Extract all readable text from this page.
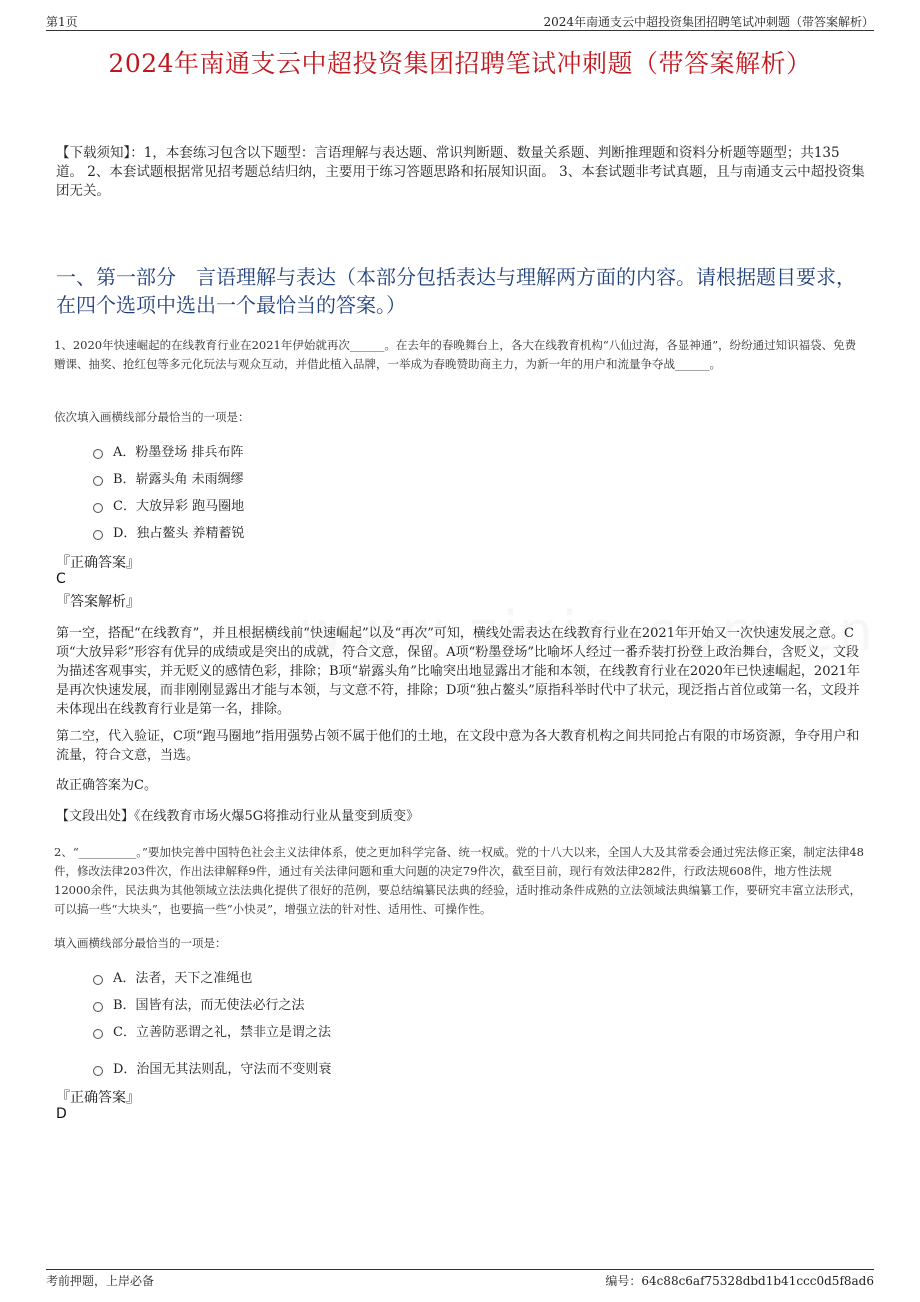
第1页	2024年南通支云中超投资集团招聘笔试冲刺题（带答案解析）
2024年南通支云中超投资集团招聘笔试冲刺题（带答案解析）
【下载须知】：1，本套练习包含以下题型：言语理解与表达题、常识判断题、数量关系题、判断推理题和资料分析题等题型；共135道。 2、本套试题根据常见招考题总结归纳，主要用于练习答题思路和拓展知识面。 3、本套试题非考试真题，且与南通支云中超投资集团无关。
一、第一部分　言语理解与表达（本部分包括表达与理解两方面的内容。请根据题目要求，在四个选项中选出一个最恰当的答案。）
1、2020年快速崛起的在线教育行业在2021年伊始就再次______。在去年的春晚舞台上，各大在线教育机构“八仙过海，各显神通”，纷纷通过知识福袋、免费赠课、抽奖、抢红包等多元化玩法与观众互动，并借此植入品牌，一举成为春晚赞助商主力，为新一年的用户和流量争夺战______。
依次填入画横线部分最恰当的一项是：
A．粉墨登场 排兵布阵
B．崭露头角 未雨绸缪
C．大放异彩 跑马圈地
D．独占鳌头 养精蓄锐
『正确答案』
C
『答案解析』
第一空，搭配“在线教育”，并且根据横线前“快速崛起”以及“再次”可知，横线处需表达在线教育行业在2021年开始又一次快速发展之意。C项“大放异彩”形容有优异的成绩或是突出的成就，符合文意，保留。A项“粉墨登场”比喻坏人经过一番乔装打扮登上政治舞台，含贬义，文段为描述客观事实，并无贬义的感情色彩，排除；B项“崭露头角”比喻突出地显露出才能和本领，在线教育行业在2020年已快速崛起，2021年是再次快速发展，而非刚刚显露出才能与本领，与文意不符，排除；D项“独占鳌头”原指科举时代中了状元，现泛指占首位或第一名，文段并未体现出在线教育行业是第一名，排除。
第二空，代入验证，C项“跑马圈地”指用强势占领不属于他们的土地，在文段中意为各大教育机构之间共同抢占有限的市场资源，争夺用户和流量，符合文意，当选。
故正确答案为C。
【文段出处】《在线教育市场火爆5G将推动行业从量变到质变》
2、“__________。”要加快完善中国特色社会主义法律体系，使之更加科学完备、统一权威。党的十八大以来，全国人大及其常委会通过宪法修正案，制定法律48件，修改法律203件次，作出法律解释9件，通过有关法律问题和重大问题的决定79件次，截至目前，现行有效法律282件，行政法规608件，地方性法规12000余件，民法典为其他领域立法法典化提供了很好的范例，要总结编纂民法典的经验，适时推动条件成熟的立法领域法典编纂工作，要研究丰富立法形式，可以搞一些“大块头”，也要搞一些“小快灵”，增强立法的针对性、适用性、可操作性。
填入画横线部分最恰当的一项是：
A．法者，天下之准绳也
B．国皆有法，而无使法必行之法
C．立善防恶谓之礼，禁非立是谓之法
D．治国无其法则乱，守法而不变则衰
『正确答案』
D
考前押题，上岸必备	编号：64c88c6af75328dbd1b41ccc0d5f8ad6
